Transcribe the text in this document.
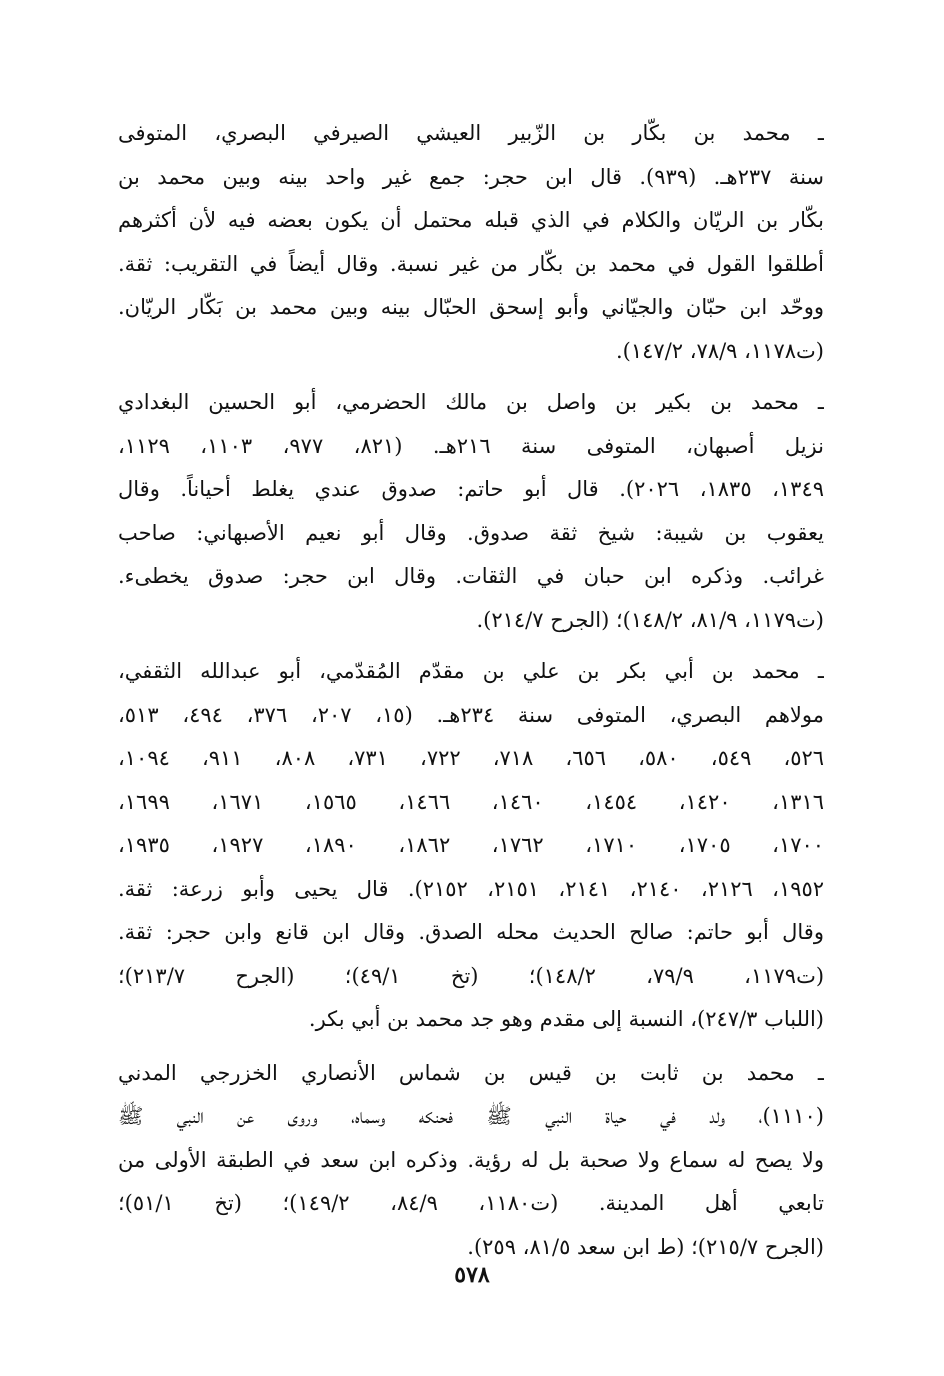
ـ محمد بن بكّار بن الزّبير العيشي الصيرفي البصري، المتوفى
سنة ٢٣٧هـ. (٩٣٩). قال ابن حجر: جمع غير واحد بينه وبين محمد بن
بكّار بن الريّان والكلام في الذي قبله محتمل أن يكون بعضه فيه لأن أكثرهم
أطلقوا القول في محمد بن بكّار من غير نسبة. وقال أيضاً في التقريب: ثقة.
ووحّد ابن حبّان والجيّاني وأبو إسحق الحبّال بينه وبين محمد بن بَكّار الريّان.
(ت١١٧٨، ٧٨/٩، ١٤٧/٢).
ـ محمد بن بكير بن واصل بن مالك الحضرمي، أبو الحسين البغدادي
نزيل أصبهان، المتوفى سنة ٢١٦هـ. (٨٢١، ٩٧٧، ١١٠٣، ١١٢٩،
١٣٤٩، ١٨٣٥، ٢٠٢٦). قال أبو حاتم: صدوق عندي يغلط أحياناً. وقال
يعقوب بن شيبة: شيخ ثقة صدوق. وقال أبو نعيم الأصبهاني: صاحب
غرائب. وذكره ابن حبان في الثقات. وقال ابن حجر: صدوق يخطىء.
(ت١١٧٩، ٨١/٩، ١٤٨/٢)؛ (الجرح ٢١٤/٧).
ـ محمد بن أبي بكر بن علي بن مقدّم المُقدّمي، أبو عبدالله الثقفي،
مولاهم البصري، المتوفى سنة ٢٣٤هـ. (١٥، ٢٠٧، ٣٧٦، ٤٩٤، ٥١٣،
٥٢٦، ٥٤٩، ٥٨٠، ٦٥٦، ٧١٨، ٧٢٢، ٧٣١، ٨٠٨، ٩١١، ١٠٩٤،
١٣١٦، ١٤٢٠، ١٤٥٤، ١٤٦٠، ١٤٦٦، ١٥٦٥، ١٦٧١، ١٦٩٩،
١٧٠٠، ١٧٠٥، ١٧١٠، ١٧٦٢، ١٨٦٢، ١٨٩٠، ١٩٢٧، ١٩٣٥،
١٩٥٢، ٢١٢٦، ٢١٤٠، ٢١٤١، ٢١٥١، ٢١٥٢). قال يحيى وأبو زرعة: ثقة.
وقال أبو حاتم: صالح الحديث محله الصدق. وقال ابن قانع وابن حجر: ثقة.
(ت١١٧٩، ٧٩/٩، ١٤٨/٢)؛ (تخ ٤٩/١)؛ (الجرح ٢١٣/٧)؛
(اللباب ٢٤٧/٣)، النسبة إلى مقدم وهو جد محمد بن أبي بكر.
ـ محمد بن ثابت بن قيس بن شماس الأنصاري الخزرجي المدني
(١١١٠)، ولد في حياة النبي ﷺ فحنكه وسماه، وروى عن النبي ﷺ
ولا يصح له سماع ولا صحبة بل له رؤية. وذكره ابن سعد في الطبقة الأولى من
تابعي أهل المدينة. (ت١١٨٠، ٨٤/٩، ١٤٩/٢)؛ (تخ ٥١/١)؛
(الجرح ٢١٥/٧)؛ (ط ابن سعد ٨١/٥، ٢٥٩).
٥٧٨
